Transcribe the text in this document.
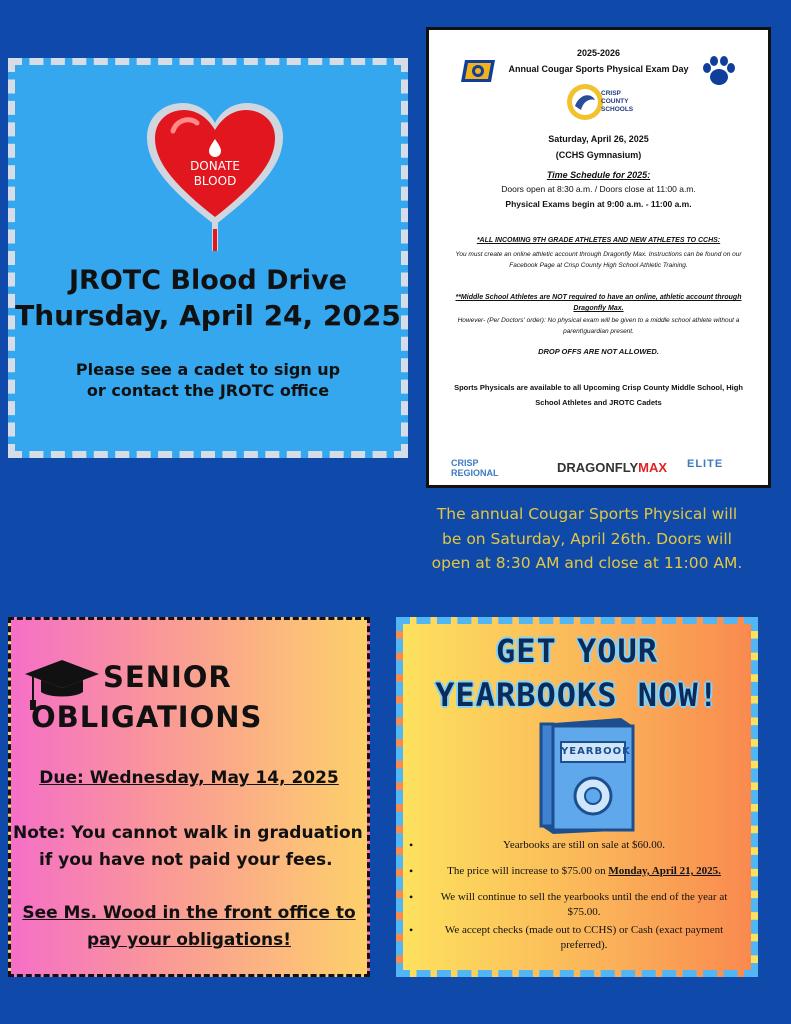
DONATE
BLOOD
JROTC Blood Drive
Thursday, April 24, 2025
Please see a cadet to sign up
or contact the JROTC office
2025-2026
Annual Cougar Sports Physical Exam Day
CRISP
COUNTY
SCHOOLS
Saturday, April 26, 2025
(CCHS Gymnasium)
Time Schedule for 2025:
Doors open at 8:30 a.m. / Doors close at 11:00 a.m.
Physical Exams begin at 9:00 a.m. - 11:00 a.m.
*ALL INCOMING 9TH GRADE ATHLETES AND NEW ATHLETES TO CCHS:
You must create an online athletic account through Dragonfly Max. Instructions can be found on our Facebook Page at Crisp County High School Athletic Training.
**Middle School Athletes are NOT required to have an online, athletic account through Dragonfly Max.
However- (Per Doctors' order): No physical exam will be given to a middle school athlete without a parent\guardian present.
DROP OFFS ARE NOT ALLOWED.
Sports Physicals are available to all Upcoming Crisp County Middle School, High School Athletes and JROTC Cadets
CRISP
REGIONAL	DRAGONFLYMAX ELITE
The annual Cougar Sports Physical will be on Saturday, April 26th. Doors will open at 8:30 AM and close at 11:00 AM.
SENIOR
OBLIGATIONS
Due: Wednesday, May 14, 2025
Note: You cannot walk in graduation
if you have not paid your fees.
See Ms. Wood in the front office to
pay your obligations!
GET YOUR
YEARBOOKS NOW!
YEARBOOK
• Yearbooks are still on sale at $60.00.
• The price will increase to $75.00 on Monday, April 21, 2025.
• We will continue to sell the yearbooks until the end of the year at $75.00.
• We accept checks (made out to CCHS) or Cash (exact payment preferred).
